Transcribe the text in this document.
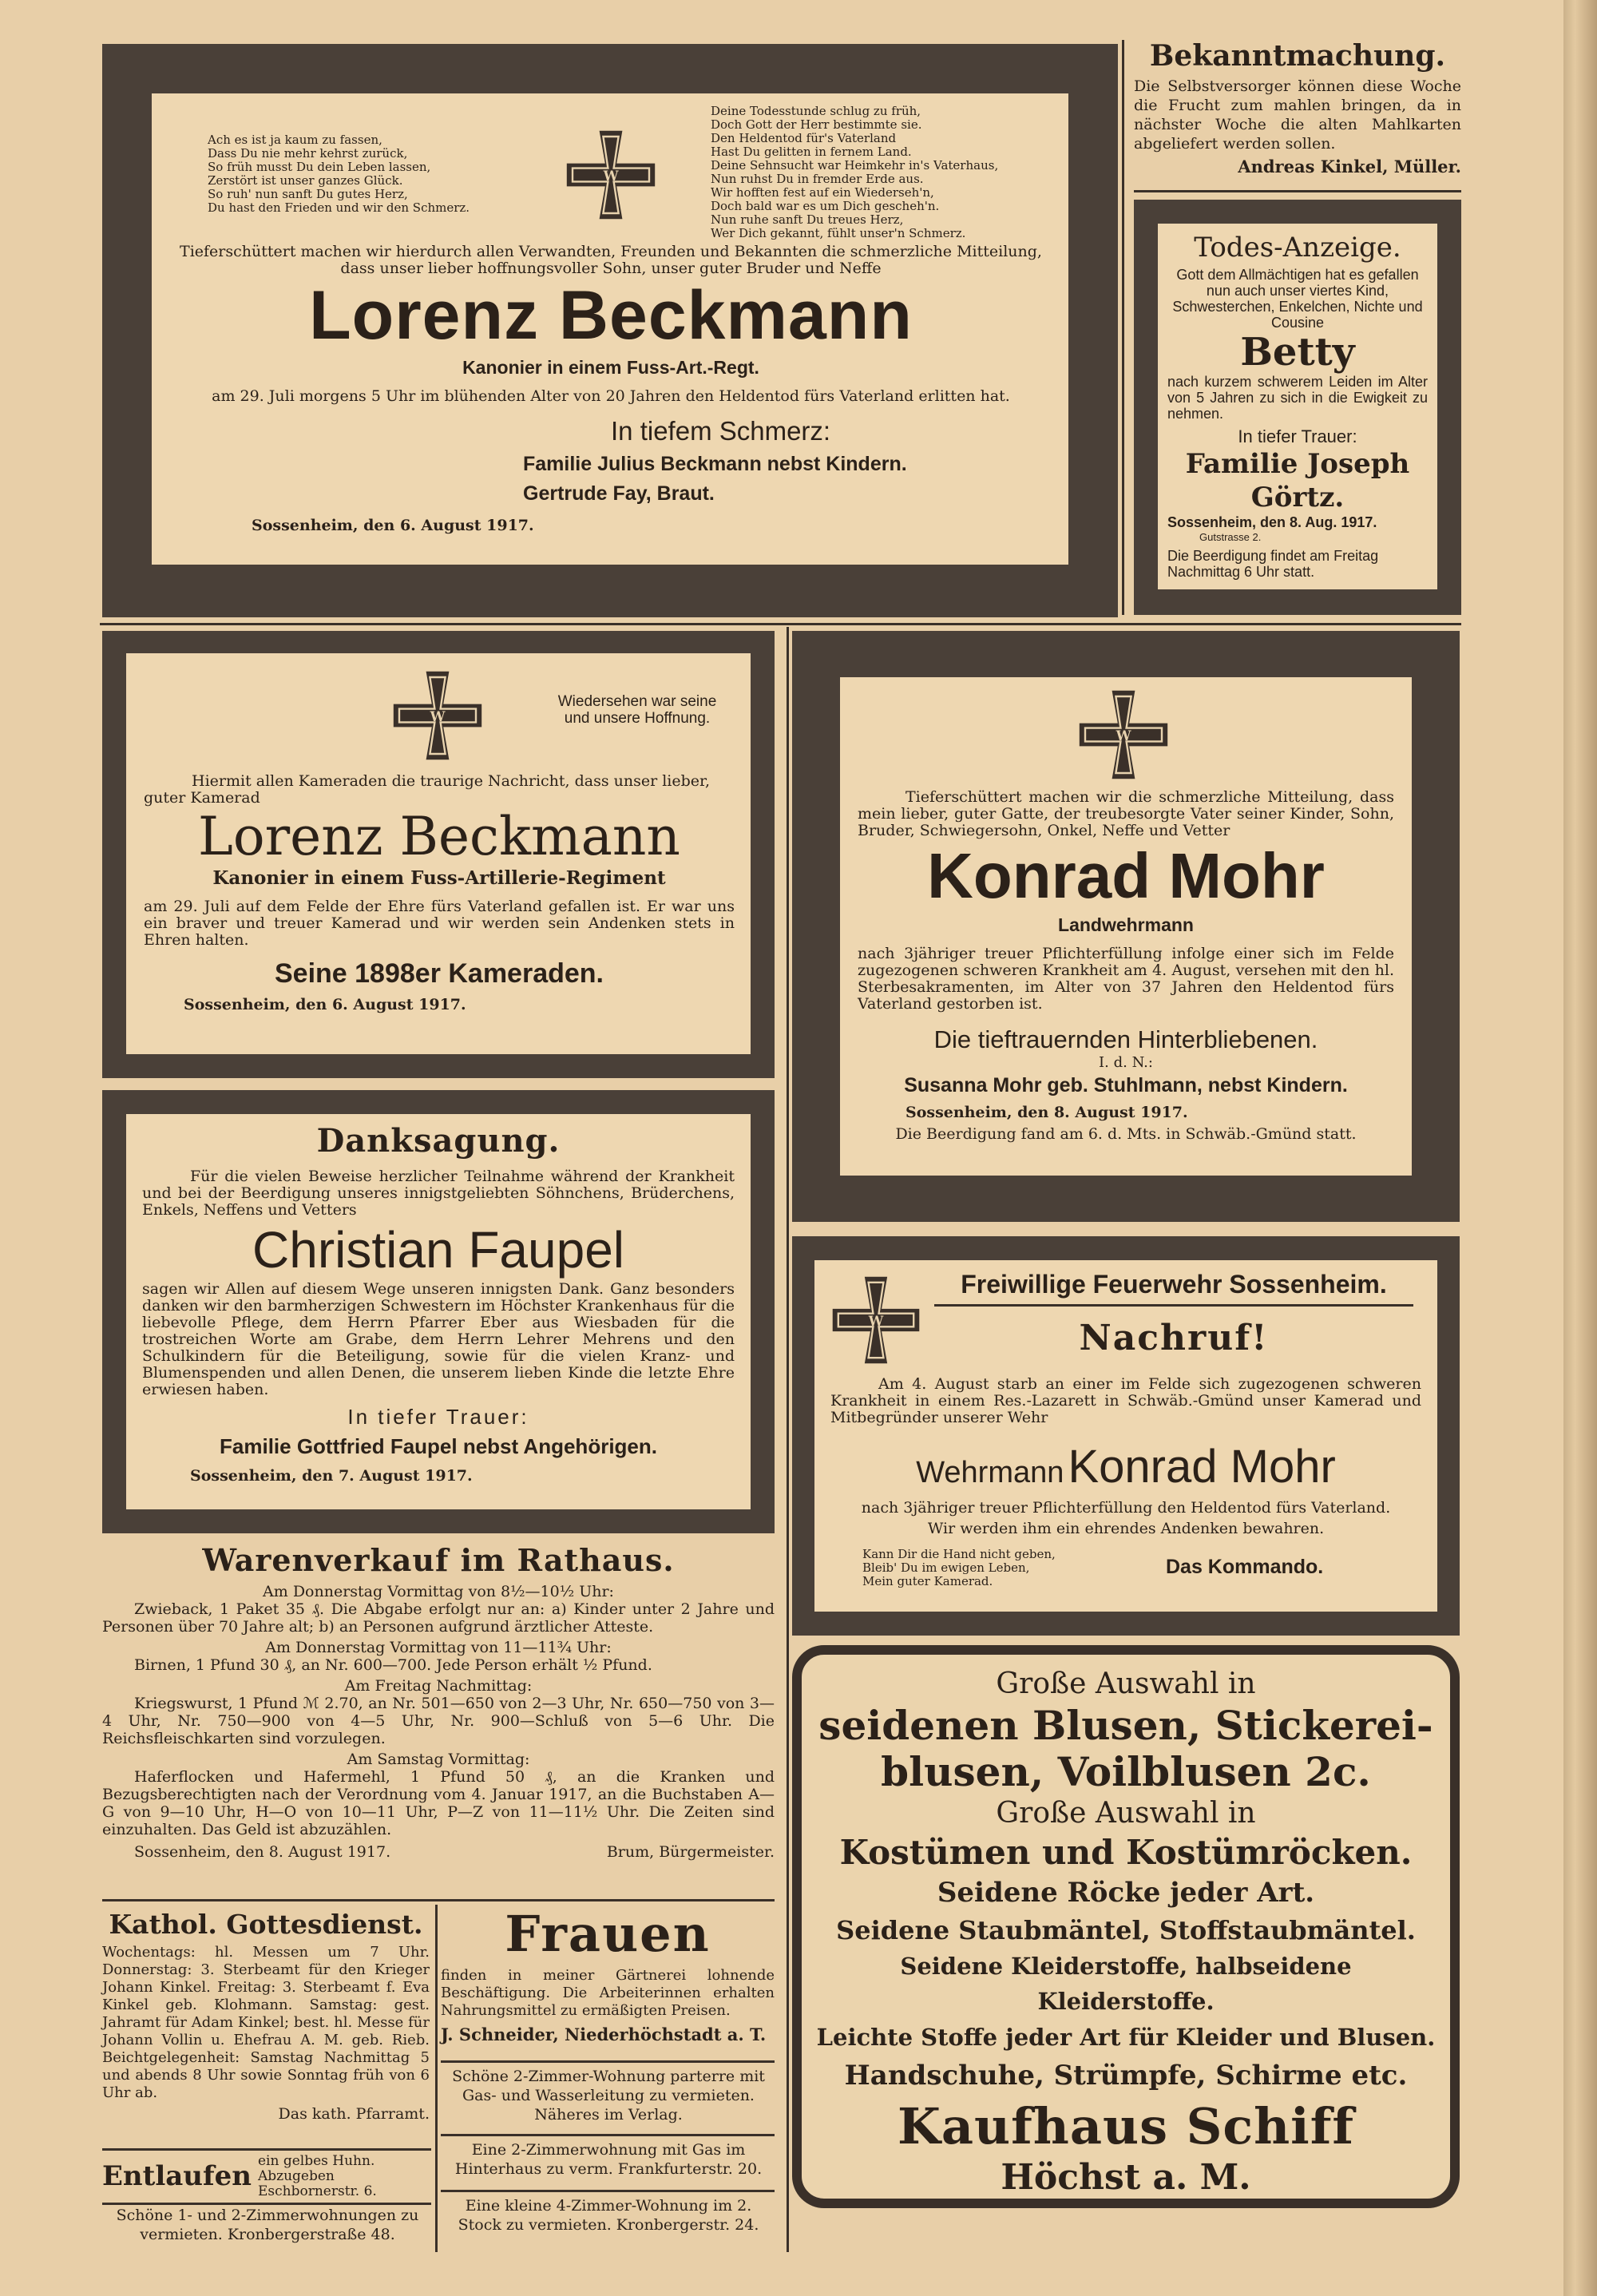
Bekanntmachung.
Die Selbstversorger können diese Woche die Frucht zum mahlen bringen, da in nächster Woche die alten Mahlkarten abgeliefert werden sollen.
Andreas Kinkel, Müller.
Ach es ist ja kaum zu fassen,
Dass Du nie mehr kehrst zurück,
So früh musst Du dein Leben lassen,
Zerstört ist unser ganzes Glück.
So ruh' nun sanft Du gutes Herz,
Du hast den Frieden und wir den Schmerz.
Deine Todesstunde schlug zu früh,
Doch Gott der Herr bestimmte sie.
Den Heldentod für's Vaterland
Hast Du gelitten in fernem Land.
Deine Sehnsucht war Heimkehr in's Vaterhaus,
Nun ruhst Du in fremder Erde aus.
Wir hofften fest auf ein Wiederseh'n,
Doch bald war es um Dich gescheh'n.
Nun ruhe sanft Du treues Herz,
Wer Dich gekannt, fühlt unser'n Schmerz.
Tieferschüttert machen wir hierdurch allen Verwandten, Freunden und Bekannten die schmerzliche Mitteilung, dass unser lieber hoffnungsvoller Sohn, unser guter Bruder und Neffe
Lorenz Beckmann
Kanonier in einem Fuss-Art.-Regt.
am 29. Juli morgens 5 Uhr im blühenden Alter von 20 Jahren den Heldentod fürs Vaterland erlitten hat.
In tiefem Schmerz:
Familie Julius Beckmann nebst Kindern.
Gertrude Fay, Braut.
Sossenheim, den 6. August 1917.
Todes-Anzeige.
Gott dem Allmächtigen hat es gefallen nun auch unser viertes Kind, Schwesterchen, Enkelchen, Nichte und Cousine
Betty
nach kurzem schwerem Leiden im Alter von 5 Jahren zu sich in die Ewigkeit zu nehmen.
In tiefer Trauer:
Familie Joseph Görtz.
Sossenheim, den 8. Aug. 1917.
Gutstrasse 2.
Die Beerdigung findet am Freitag Nachmittag 6 Uhr statt.
Wiedersehen war seine
und unsere Hoffnung.
Hiermit allen Kameraden die traurige Nachricht, dass unser lieber, guter Kamerad
Lorenz Beckmann
Kanonier in einem Fuss-Artillerie-Regiment
am 29. Juli auf dem Felde der Ehre fürs Vaterland gefallen ist. Er war uns ein braver und treuer Kamerad und wir werden sein Andenken stets in Ehren halten.
Seine 1898er Kameraden.
Sossenheim, den 6. August 1917.
Tieferschüttert machen wir die schmerzliche Mitteilung, dass mein lieber, guter Gatte, der treubesorgte Vater seiner Kinder, Sohn, Bruder, Schwiegersohn, Onkel, Neffe und Vetter
Konrad Mohr
Landwehrmann
nach 3jähriger treuer Pflichterfüllung infolge einer sich im Felde zugezogenen schweren Krankheit am 4. August, versehen mit den hl. Sterbesakramenten, im Alter von 37 Jahren den Heldentod fürs Vaterland gestorben ist.
Die tieftrauernden Hinterbliebenen.
I. d. N.:
Susanna Mohr geb. Stuhlmann, nebst Kindern.
Sossenheim, den 8. August 1917.
Die Beerdigung fand am 6. d. Mts. in Schwäb.-Gmünd statt.
Danksagung.
Für die vielen Beweise herzlicher Teilnahme während der Krankheit und bei der Beerdigung unseres innigstgeliebten Söhnchens, Brüderchens, Enkels, Neffens und Vetters
Christian Faupel
sagen wir Allen auf diesem Wege unseren innigsten Dank. Ganz besonders danken wir den barmherzigen Schwestern im Höchster Krankenhaus für die liebevolle Pflege, dem Herrn Pfarrer Eber aus Wiesbaden für die trostreichen Worte am Grabe, dem Herrn Lehrer Mehrens und den Schulkindern für die Beteiligung, sowie für die vielen Kranz- und Blumenspenden und allen Denen, die unserem lieben Kinde die letzte Ehre erwiesen haben.
In tiefer Trauer:
Familie Gottfried Faupel nebst Angehörigen.
Sossenheim, den 7. August 1917.
Freiwillige Feuerwehr Sossenheim.
Nachruf!
Am 4. August starb an einer im Felde sich zugezogenen schweren Krankheit in einem Res.-Lazarett in Schwäb.-Gmünd unser Kamerad und Mitbegründer unserer Wehr
Wehrmann Konrad Mohr
nach 3jähriger treuer Pflichterfüllung den Heldentod fürs Vaterland.
Wir werden ihm ein ehrendes Andenken bewahren.
Kann Dir die Hand nicht geben,
Bleib' Du im ewigen Leben,
Mein guter Kamerad.
Das Kommando.
Warenverkauf im Rathaus.
Am Donnerstag Vormittag von 8½—10½ Uhr:
Zwieback, 1 Paket 35 ₰. Die Abgabe erfolgt nur an: a) Kinder unter 2 Jahre und Personen über 70 Jahre alt; b) an Personen aufgrund ärztlicher Atteste.
Am Donnerstag Vormittag von 11—11¾ Uhr:
Birnen, 1 Pfund 30 ₰, an Nr. 600—700. Jede Person erhält ½ Pfund.
Am Freitag Nachmittag:
Kriegswurst, 1 Pfund ℳ 2.70, an Nr. 501—650 von 2—3 Uhr, Nr. 650—750 von 3—4 Uhr, Nr. 750—900 von 4—5 Uhr, Nr. 900—Schluß von 5—6 Uhr. Die Reichsfleischkarten sind vorzulegen.
Am Samstag Vormittag:
Haferflocken und Hafermehl, 1 Pfund 50 ₰, an die Kranken und Bezugsberechtigten nach der Verordnung vom 4. Januar 1917, an die Buchstaben A—G von 9—10 Uhr, H—O von 10—11 Uhr, P—Z von 11—11½ Uhr. Die Zeiten sind einzuhalten. Das Geld ist abzuzählen.
Sossenheim, den 8. August 1917.	Brum, Bürgermeister.
Kathol. Gottesdienst.
Wochentags: hl. Messen um 7 Uhr. Donnerstag: 3. Sterbeamt für den Krieger Johann Kinkel. Freitag: 3. Sterbeamt f. Eva Kinkel geb. Klohmann. Samstag: gest. Jahramt für Adam Kinkel; best. hl. Messe für Johann Vollin u. Ehefrau A. M. geb. Rieb. Beichtgelegenheit: Samstag Nachmittag 5 und abends 8 Uhr sowie Sonntag früh von 6 Uhr ab.
Das kath. Pfarramt.
Entlaufen ein gelbes Huhn. Abzugeben Eschbornerstr. 6.
Schöne 1- und 2-Zimmerwohnungen zu vermieten. Kronbergerstraße 48.
Frauen
finden in meiner Gärtnerei lohnende Beschäftigung. Die Arbeiterinnen erhalten Nahrungsmittel zu ermäßigten Preisen.
J. Schneider, Niederhöchstadt a. T.
Schöne 2-Zimmer-Wohnung parterre mit Gas- und Wasserleitung zu vermieten. Näheres im Verlag.
Eine 2-Zimmerwohnung mit Gas im Hinterhaus zu verm. Frankfurterstr. 20.
Eine kleine 4-Zimmer-Wohnung im 2. Stock zu vermieten. Kronbergerstr. 24.
Große Auswahl in
seidenen Blusen, Stickerei-
blusen, Voilblusen 2c.
Große Auswahl in
Kostümen und Kostümröcken.
Seidene Röcke jeder Art.
Seidene Staubmäntel, Stoffstaubmäntel.
Seidene Kleiderstoffe, halbseidene Kleiderstoffe.
Leichte Stoffe jeder Art für Kleider und Blusen.
Handschuhe, Strümpfe, Schirme etc.
Kaufhaus Schiff
Höchst a. M.
